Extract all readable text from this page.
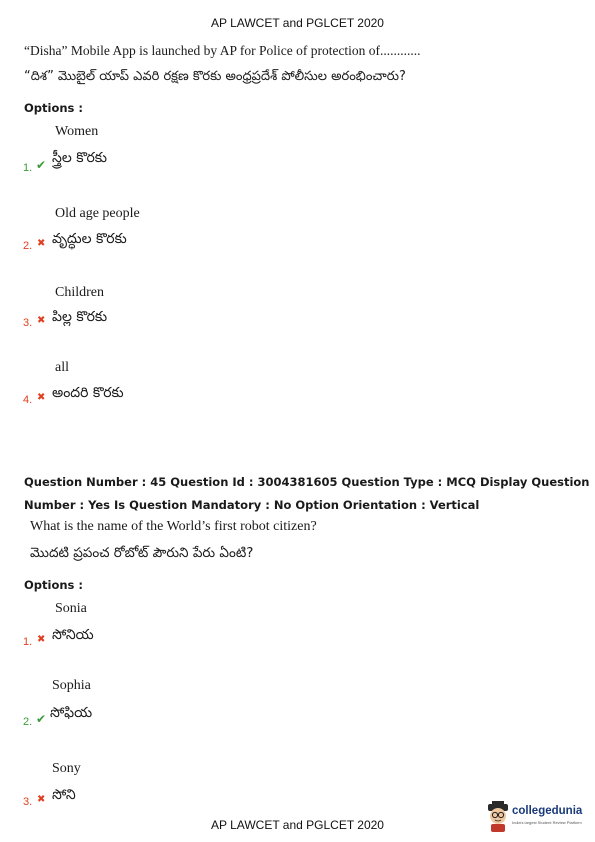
AP LAWCET and PGLCET 2020
“Disha” Mobile App is launched by AP for Police of protection of............
“దిశ” మొబైల్ యాప్ ఎవరి రక్షణ కొరకు అంధ్రప్రదేశ్ పోలీసుల అరంభించారు?
Options :
Women
1. ✔ స్త్రీల కొరకు
Old age people
2. ✖ వృద్ధుల కొరకు
Children
3. ✖ పిల్ల కొరకు
all
4. ✖ అందరి కొరకు
Question Number : 45 Question Id : 3004381605 Question Type : MCQ Display Question
Number : Yes Is Question Mandatory : No Option Orientation : Vertical
What is the name of the World’s first robot citizen?
మొదటి ప్రపంచ రోబోట్ పౌరుని పేరు ఏంటి?
Options :
Sonia
1. ✖ సోనియ
Sophia
2. ✔ సోఫియ
Sony
3. ✖ సోని
collegedunia
India's largest Student Review Platform
AP LAWCET and PGLCET 2020
